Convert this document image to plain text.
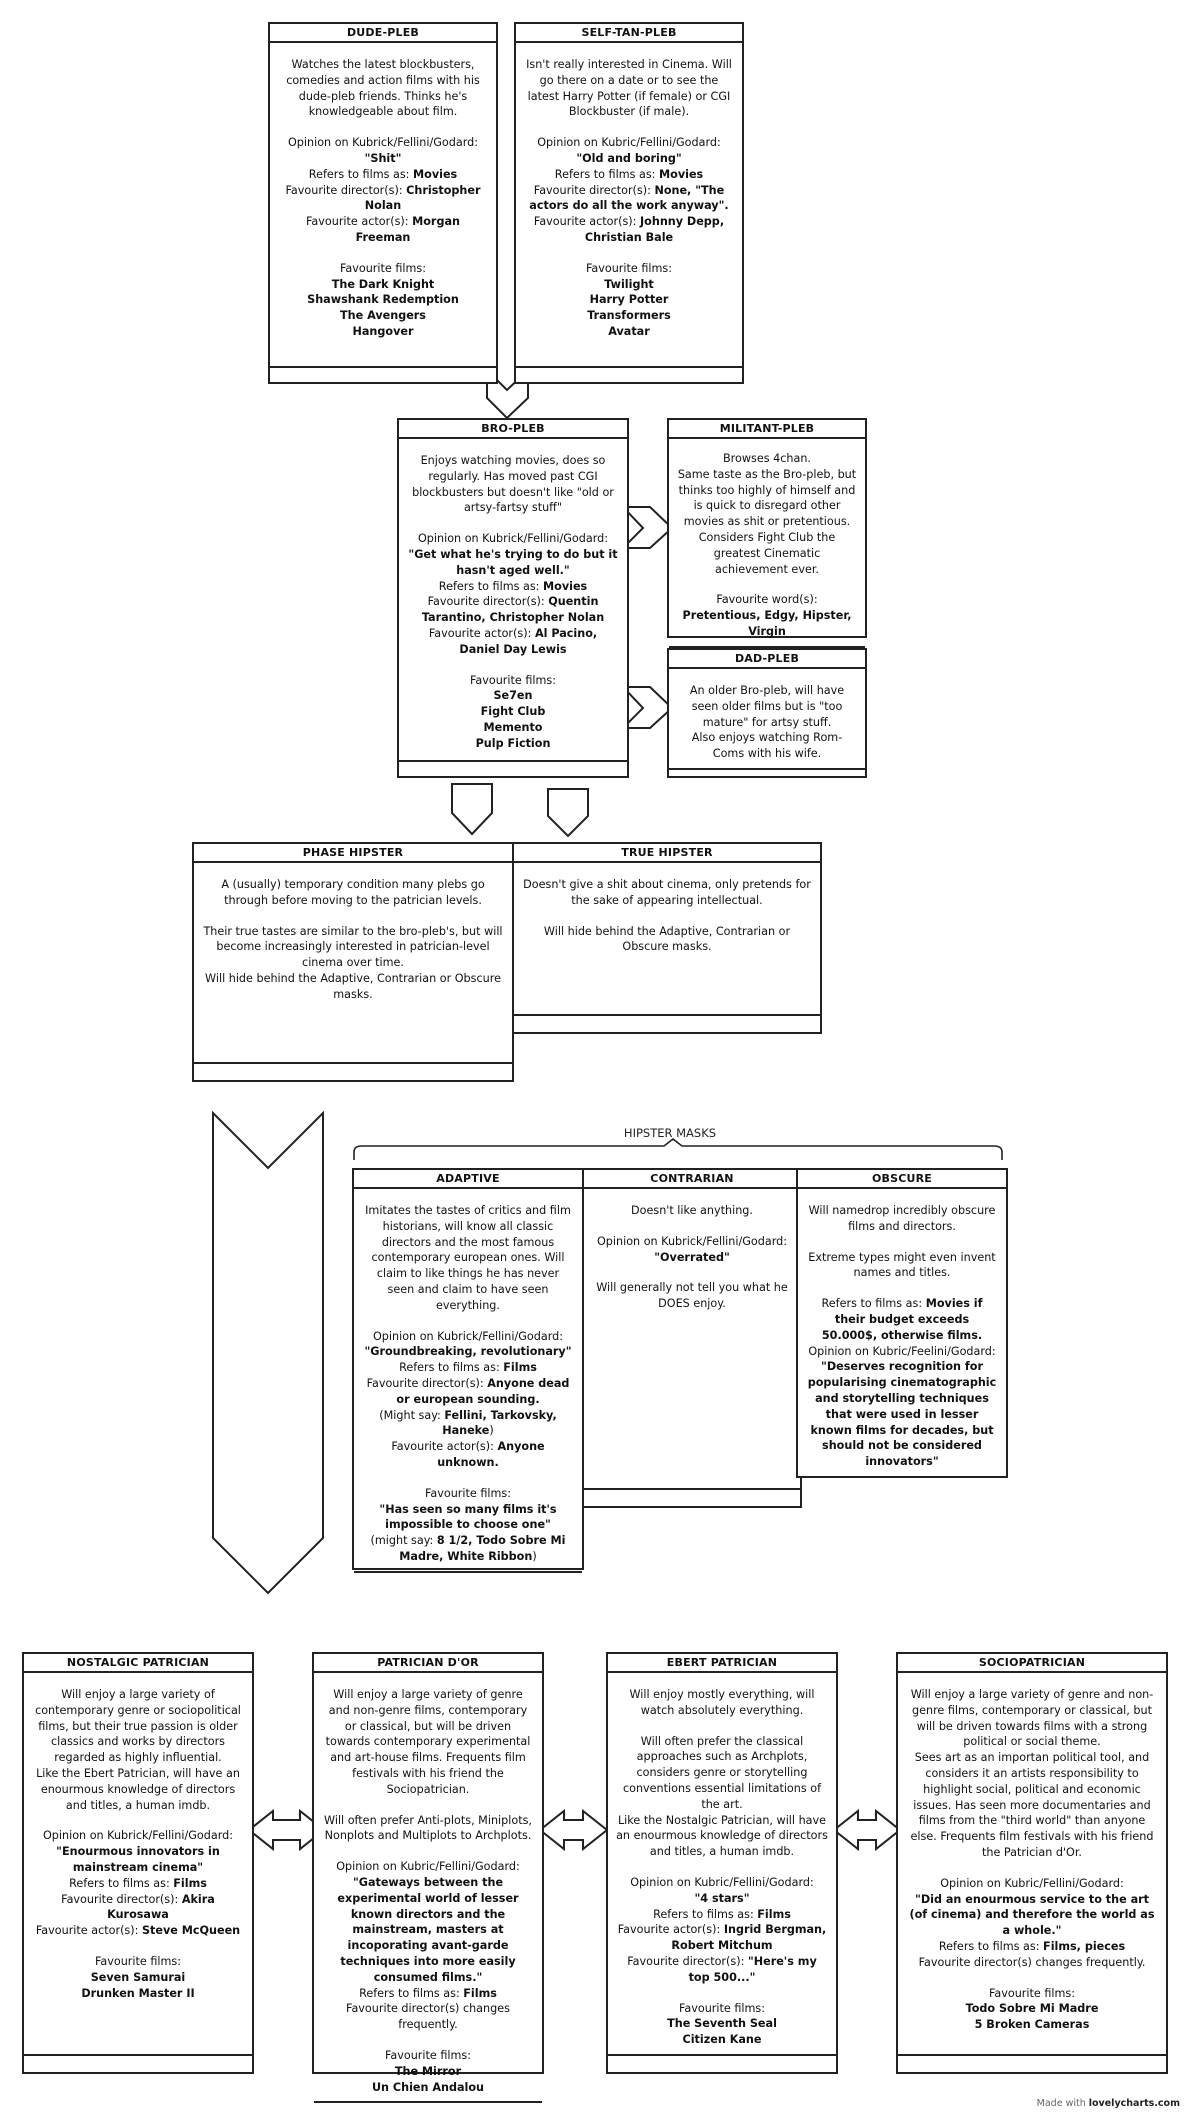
DUDE-PLEB

Watches the latest blockbusters, comedies and action films with his dude-pleb friends. Thinks he's knowledgeable about film.

Opinion on Kubrick/Fellini/Godard: "Shit"
Refers to films as: Movies
Favourite director(s): Christopher Nolan
Favourite actor(s): Morgan Freeman

Favourite films:
The Dark Knight
Shawshank Redemption
The Avengers
Hangover

SELF-TAN-PLEB

Isn't really interested in Cinema. Will go there on a date or to see the latest Harry Potter (if female) or CGI Blockbuster (if male).

Opinion on Kubric/Fellini/Godard: "Old and boring"
Refers to films as: Movies
Favourite director(s): None, "The actors do all the work anyway".
Favourite actor(s): Johnny Depp, Christian Bale

Favourite films:
Twilight
Harry Potter
Transformers
Avatar

BRO-PLEB

Enjoys watching movies, does so regularly. Has moved past CGI blockbusters but doesn't like "old or artsy-fartsy stuff"

Opinion on Kubrick/Fellini/Godard: "Get what he's trying to do but it hasn't aged well."
Refers to films as: Movies
Favourite director(s): Quentin Tarantino, Christopher Nolan
Favourite actor(s): Al Pacino, Daniel Day Lewis

Favourite films:
Se7en
Fight Club
Memento
Pulp Fiction

MILITANT-PLEB

Browses 4chan.
Same taste as the Bro-pleb, but thinks too highly of himself and is quick to disregard other movies as shit or pretentious.
Considers Fight Club the greatest Cinematic achievement ever.

Favourite word(s): Pretentious, Edgy, Hipster, Virgin

DAD-PLEB
An older Bro-pleb, will have seen older films but is "too mature" for artsy stuff.
Also enjoys watching Rom-Coms with his wife.
PHASE HIPSTER

A (usually) temporary condition many plebs go through before moving to the patrician levels.

Their true tastes are similar to the bro-pleb's, but will become increasingly interested in patrician-level cinema over time.
Will hide behind the Adaptive, Contrarian or Obscure masks.

TRUE HIPSTER

Doesn't give a shit about cinema, only pretends for the sake of appearing intellectual.

Will hide behind the Adaptive, Contrarian or Obscure masks.

HIPSTER MASKS
ADAPTIVE

Imitates the tastes of critics and film historians, will know all classic directors and the most famous contemporary european ones. Will claim to like things he has never seen and claim to have seen everything.

Opinion on Kubrick/Fellini/Godard:
"Groundbreaking, revolutionary"
Refers to films as: Films
Favourite director(s): Anyone dead or european sounding.
(Might say: Fellini, Tarkovsky, Haneke)
Favourite actor(s): Anyone unknown.

Favourite films:
"Has seen so many films it's impossible to choose one"
(might say: 8 1/2, Todo Sobre Mi Madre, White Ribbon)

CONTRARIAN

Doesn't like anything.

Opinion on Kubrick/Fellini/Godard:
"Overrated"

Will generally not tell you what he DOES enjoy.

OBSCURE

Will namedrop incredibly obscure films and directors.

Extreme types might even invent names and titles.

Refers to films as: Movies if their budget exceeds 50.000$, otherwise films.
Opinion on Kubric/Feelini/Godard:
"Deserves recognition for popularising cinematographic and storytelling techniques that were used in lesser known films for decades, but should not be considered innovators"

NOSTALGIC PATRICIAN

Will enjoy a large variety of contemporary genre or sociopolitical films, but their true passion is older classics and works by directors regarded as highly influential.
Like the Ebert Patrician, will have an enourmous knowledge of directors and titles, a human imdb.

Opinion on Kubrick/Fellini/Godard:
"Enourmous innovators in mainstream cinema"
Refers to films as: Films
Favourite director(s): Akira Kurosawa
Favourite actor(s): Steve McQueen

Favourite films:
Seven Samurai
Drunken Master II

PATRICIAN D'OR

Will enjoy a large variety of genre and non-genre films, contemporary or classical, but will be driven towards contemporary experimental and art-house films. Frequents film festivals with his friend the Sociopatrician.

Will often prefer Anti-plots, Miniplots, Nonplots and Multiplots to Archplots.

Opinion on Kubric/Fellini/Godard:
"Gateways between the experimental world of lesser known directors and the mainstream, masters at incoporating avant-garde techniques into more easily consumed films."
Refers to films as: Films
Favourite director(s) changes frequently.

Favourite films:
The Mirror
Un Chien Andalou

EBERT PATRICIAN

Will enjoy mostly everything, will watch absolutely everything.

Will often prefer the classical approaches such as Archplots, considers genre or storytelling conventions essential limitations of the art.
Like the Nostalgic Patrician, will have an enourmous knowledge of directors and titles, a human imdb.

Opinion on Kubric/Fellini/Godard:
"4 stars"
Refers to films as: Films
Favourite actor(s): Ingrid Bergman, Robert Mitchum
Favourite director(s): "Here's my top 500..."

Favourite films:
The Seventh Seal
Citizen Kane

SOCIOPATRICIAN

Will enjoy a large variety of genre and non-genre films, contemporary or classical, but will be driven towards films with a strong political or social theme.
Sees art as an importan political tool, and considers it an artists responsibility to highlight social, political and economic issues. Has seen more documentaries and films from the "third world" than anyone else. Frequents film festivals with his friend the Patrician d'Or.

Opinion on Kubric/Fellini/Godard:
"Did an enourmous service to the art (of cinema) and therefore the world as a whole."
Refers to films as: Films, pieces
Favourite director(s) changes frequently.

Favourite films:
Todo Sobre Mi Madre
5 Broken Cameras

Made with lovelycharts.com
